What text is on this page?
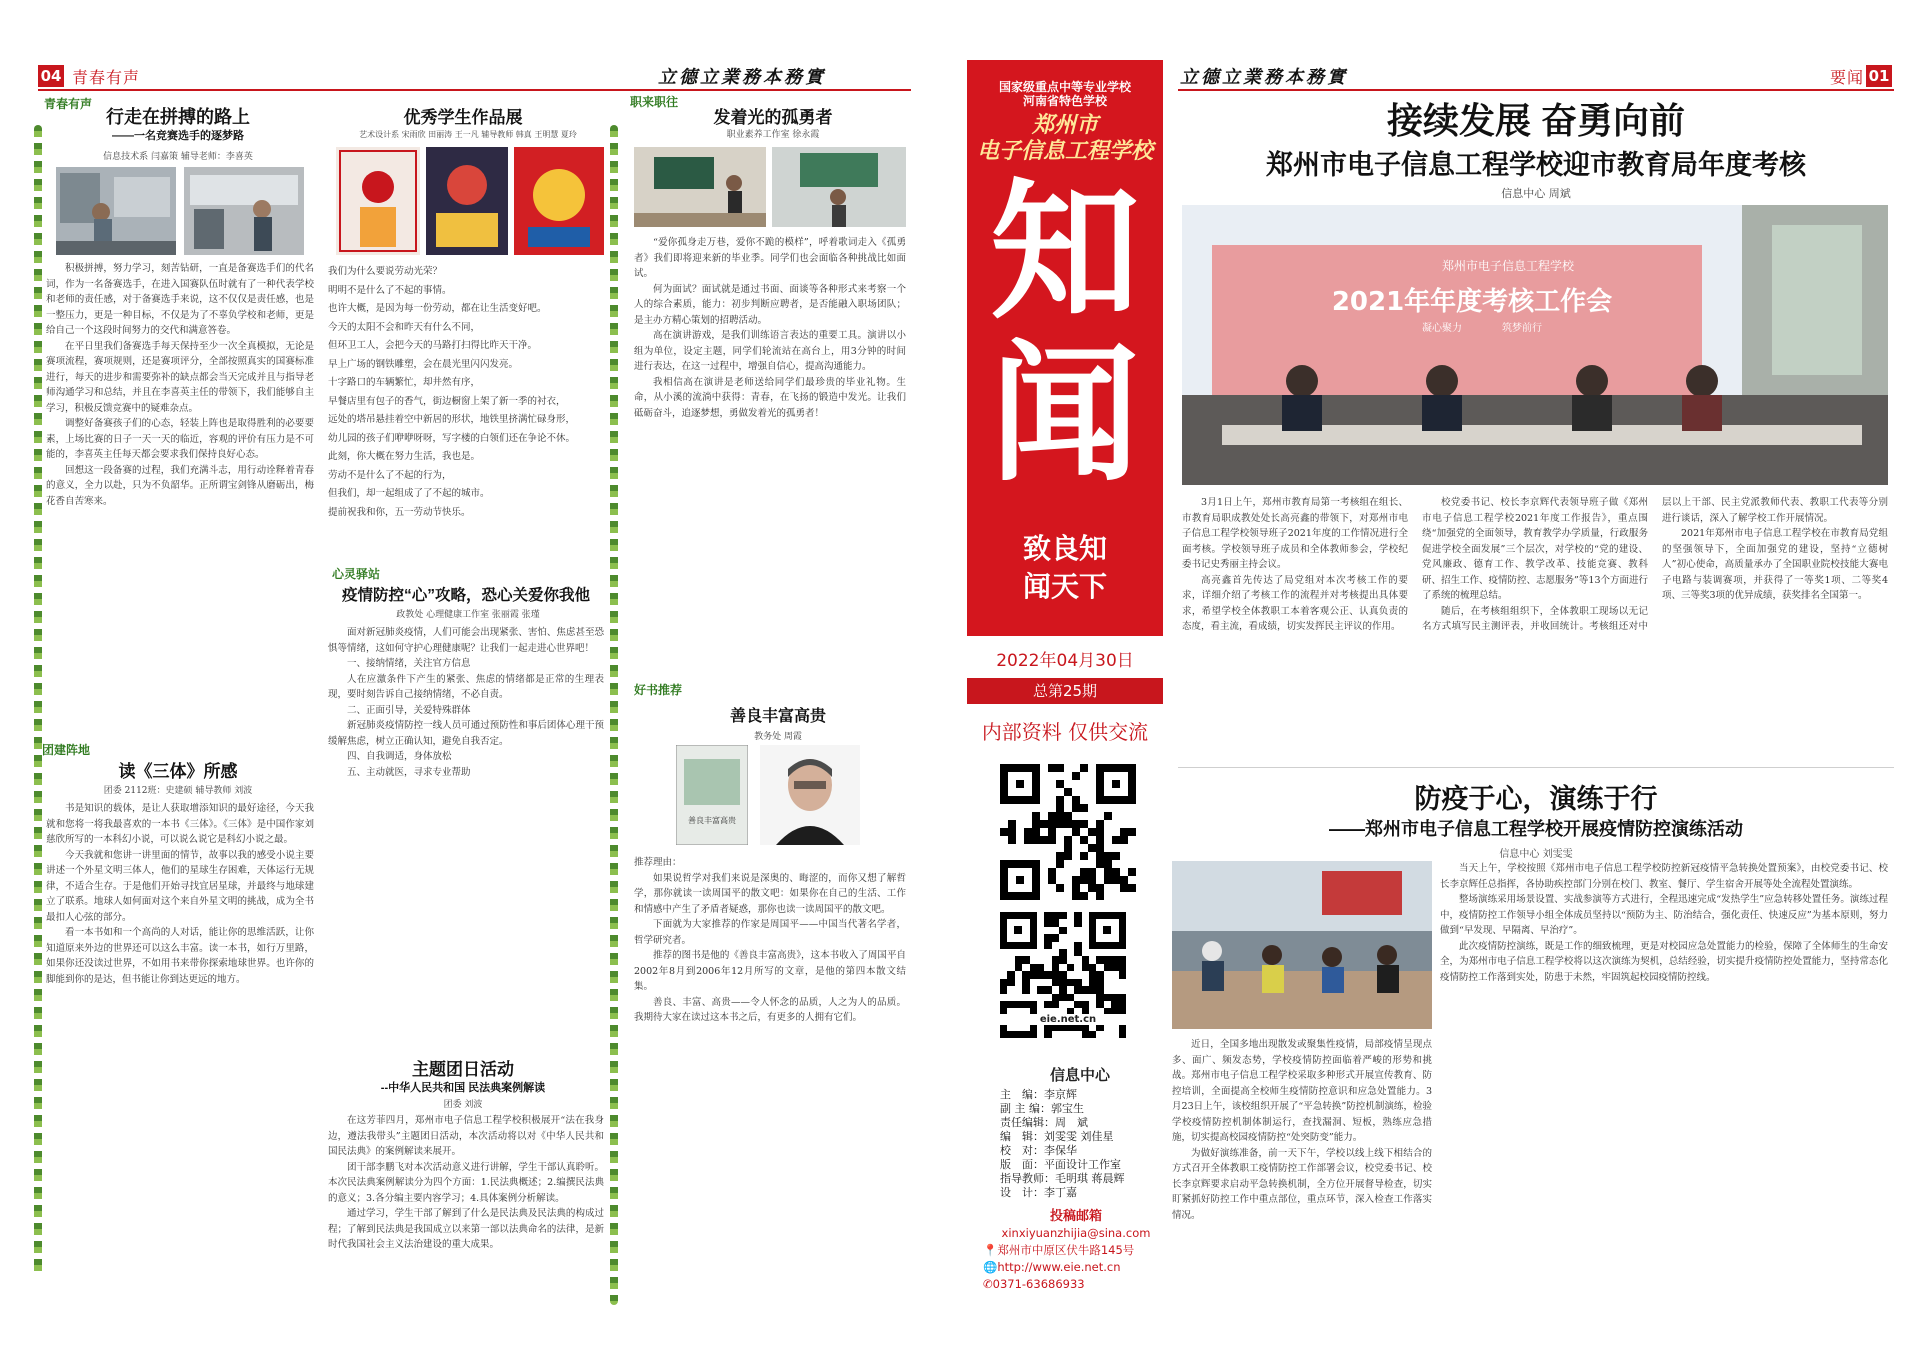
04 青春有声	立德立業務本務實
青春有声
行走在拼搏的路上
——一名竞赛选手的逐梦路
信息技术系 闫嘉策 辅导老师：李喜英

积极拼搏，努力学习，刻苦钻研，一直是备赛选手们的代名词，作为一名备赛选手，在进入国赛队伍时就有了一种代表学校和老师的责任感，对于备赛选手来说，这不仅仅是责任感，也是一整压力，更是一种目标，不仅是为了不辜负学校和老师，更是给自己一个这段时间努力的交代和满意答卷。

在平日里我们备赛选手每天保持至少一次全真模拟，无论是赛项流程，赛项规则，还是赛项评分，全部按照真实的国赛标准进行，每天的进步和需要弥补的缺点都会当天完成并且与指导老师沟通学习和总结，并且在李喜英主任的带领下，我们能够自主学习，积极反馈竞赛中的疑难杂点。

调整好备赛孩子们的心态，轻装上阵也是取得胜利的必要要素，上场比赛的日子一天一天的临近，容观的评价有压力是不可能的，李喜英主任每天都会要求我们保持良好心态。

回想这一段备赛的过程，我们充满斗志，用行动诠释着青春的意义，全力以赴，只为不负韶华。正所谓宝剑锋从磨砺出，梅花香自苦寒来。

团建阵地
读《三体》所感
团委 2112班：史建硕 辅导教师 刘波

书是知识的载体，是让人获取增添知识的最好途径，今天我就和您将一将我最喜欢的一本书《三体》。《三体》是中国作家刘慈欣所写的一本科幻小说，可以说么说它是科幻小说之最。

今天我就和您讲一讲里面的情节，故事以我的感受小说主要讲述一个外星文明三体人，他们的星球生存困难，天体运行无规律，不适合生存。于是他们开始寻找宜居星球，并最终与地球建立了联系。地球人如何面对这个来自外星文明的挑战，成为全书最扣人心弦的部分。

看一本书如和一个高尚的人对话，能让你的思维活跃，让你知道原来外边的世界还可以这么丰富。读一本书，如行万里路，如果你还没读过世界，不如用书来带你探索地球世界。也许你的脚能到你的是达，但书能让你到达更远的地方。

优秀学生作品展
艺术设计系 宋雨欣 田丽涛 王一凡 辅导教师 韩真 王明慧 夏玲
我们为什么要说劳动光荣？
明明不是什么了不起的事情。
也许大概，是因为每一份劳动，都在让生活变好吧。
今天的太阳不会和昨天有什么不同，
但环卫工人，会把今天的马路打扫得比昨天干净。
早上广场的钢铁雕塑，会在晨光里闪闪发亮。
十字路口的车辆繁忙，却井然有序，
早餐店里有包子的香气，街边橱窗上架了新一季的衬衣，
远处的塔吊悬挂着空中新居的形状，地铁里挤满忙碌身形，
幼儿园的孩子们咿咿呀呀，写字楼的白领们还在争论不休。
此刻，你大概在努力生活，我也是。
劳动不是什么了不起的行为，
但我们，却一起组成了了不起的城市。
提前祝我和你，五一劳动节快乐。
心灵驿站
疫情防控“心”攻略，恐心关爱你我他
政教处 心理健康工作室 张丽霞 张瑾

面对新冠肺炎疫情，人们可能会出现紧张、害怕、焦虑甚至恐惧等情绪，这如何守护心理健康呢？让我们一起走进心世界吧！

一、接纳情绪，关注官方信息

人在应激条件下产生的紧张、焦虑的情绪都是正常的生理表现，要时刻告诉自己接纳情绪，不必自责。

二、正面引导，关爱特殊群体

新冠肺炎疫情防控一线人员可通过预防性和事后团体心理干预缓解焦虑，树立正确认知，避免自我否定。

四、自我调适，身体放松

五、主动就医，寻求专业帮助

主题团日活动
--中华人民共和国 民法典案例解读
团委 刘波

在这芳菲四月，郑州市电子信息工程学校积极展开“法在我身边，遵法我带头”主题团日活动，本次活动将以对《中华人民共和国民法典》的案例解读来展开。

团干部李鹏飞对本次活动意义进行讲解，学生干部认真聆听。本次民法典案例解读分为四个方面：1.民法典概述；2.编撰民法典的意义；3.各分编主要内容学习；4.具体案例分析解读。

通过学习，学生干部了解到了什么是民法典及民法典的构成过程；了解到民法典是我国成立以来第一部以法典命名的法律，是新时代我国社会主义法治建设的重大成果。

职来职往
发着光的孤勇者
职业素养工作室 徐永霞

“爱你孤身走万巷，爱你不跪的模样”，呼着歌词走入《孤勇者》我们即将迎来新的毕业季。同学们也会面临各种挑战比如面试。

何为面试？面试就是通过书面、面谈等各种形式来考察一个人的综合素质，能力：初步判断应聘者，是否能融入职场团队；是主办方精心策划的招聘活动。

高在演讲游戏，是我们训练语言表达的重要工具。演讲以小组为单位，设定主题，同学们轮流站在高台上，用3分钟的时间进行表达，在这一过程中，增强自信心，提高沟通能力。

我相信高在演讲是老师送给同学们最珍贵的毕业礼物。生命，从小溪的流淌中获得：青春，在飞扬的锻造中发光。让我们砥砺奋斗，追逐梦想，勇做发着光的孤勇者！

好书推荐
善良丰富高贵
教务处 周霞
善良丰富高贵
推荐理由：

如果说哲学对我们来说是深奥的、晦涩的，而你又想了解哲学，那你就读一读周国平的散文吧：如果你在自己的生活、工作和情感中产生了矛盾者疑惑，那你也读一读周国平的散文吧。

下面就为大家推荐的作家是周国平——中国当代著名学者，哲学研究者。

推荐的图书是他的《善良丰富高贵》，这本书收入了周国平自2002年8月到2006年12月所写的文章，是他的第四本散文结集。

善良、丰富、高贵——令人怀念的品质，人之为人的品质。我期待大家在读过这本书之后，有更多的人拥有它们。

国家级重点中等专业学校
河南省特色学校
郑州市
电子信息工程学校
知
闻
致良知
闻天下
2022年04月30日
总第25期
内部资料 仅供交流
eie.net.cn
信息中心
主　编：李京辉
副 主 编：郭宝生
责任编辑：周　斌
编　辑：刘雯雯 刘佳星
校　对：李保华
版　面：平面设计工作室
指导教师：毛明琪 蒋晨辉
设　计：李丁嘉
投稿邮箱
xinxiyuanzhijia@sina.com
📍郑州市中原区伏牛路145号
🌐http://www.eie.net.cn
✆0371-63686933
立德立業務本務實	要闻 01
接续发展 奋勇向前
郑州市电子信息工程学校迎市教育局年度考核
信息中心 周斌
郑州市电子信息工程学校
2021年年度考核工作会
凝心聚力　　　　筑梦前行

3月1日上午，郑州市教育局第一考核组在组长、市教育局职成教处处长高亮鑫的带领下，对郑州市电子信息工程学校领导班子2021年度的工作情况进行全面考核。学校领导班子成员和全体教师参会，学校纪委书记史秀丽主持会议。

高亮鑫首先传达了局党组对本次考核工作的要求，详细介绍了考核工作的流程并对考核提出具体要求，希望学校全体教职工本着客观公正、认真负责的态度，看主流，看成绩，切实发挥民主评议的作用。

校党委书记、校长李京辉代表领导班子做《郑州市电子信息工程学校2021年度工作报告》，重点围绕“加强党的全面领导，教育教学办学质量，行政服务促进学校全面发展”三个层次，对学校的“党的建设、党风廉政、德育工作、教学改革、技能竞赛、教科研、招生工作、疫情防控、志愿服务”等13个方面进行了系统的梳理总结。

随后，在考核组组织下，全体教职工现场以无记名方式填写民主测评表，并收回统计。考核组还对中层以上干部、民主党派教师代表、教职工代表等分别进行谈话，深入了解学校工作开展情况。

2021年郑州市电子信息工程学校在市教育局党组的坚强领导下，全面加强党的建设，坚持“立德树人”初心使命，高质量承办了全国职业院校技能大赛电子电路与装调赛项，并获得了一等奖1项、二等奖4项、三等奖3项的优异成绩，获奖排名全国第一。

防疫于心，演练于行
——郑州市电子信息工程学校开展疫情防控演练活动
信息中心 刘雯雯

当天上午，学校按照《郑州市电子信息工程学校防控新冠疫情平急转换处置预案》，由校党委书记、校长李京辉任总指挥，各协助疾控部门分别在校门、教室、餐厅、学生宿舍开展等处全流程处置演练。

整场演练采用场景设置、实战参演等方式进行，全程迅速完成“发热学生”应急转移处置任务。演练过程中，疫情防控工作领导小组全体成员坚持以“预防为主、防治结合，强化责任、快速反应”为基本原则，努力做到“早发现、早隔离、早治疗”。

此次疫情防控演练，既是工作的细致梳理，更是对校园应急处置能力的检验，保障了全体师生的生命安全，为郑州市电子信息工程学校将以这次演练为契机，总结经验，切实提升疫情防控处置能力，坚持常态化疫情防控工作落到实处，防患于未然，牢固筑起校园疫情防控线。

近日，全国多地出现散发或聚集性疫情，局部疫情呈现点多、面广、频发态势，学校疫情防控面临着严峻的形势和挑战。郑州市电子信息工程学校采取多种形式开展宣传教育、防控培训，全面提高全校师生疫情防控意识和应急处置能力。3月23日上午，该校组织开展了“平急转换”防控机制演练，检验学校疫情防控机制体制运行，查找漏洞、短板，熟练应急措施，切实提高校园疫情防控“处突防变”能力。

为做好演练准备，前一天下午，学校以线上线下相结合的方式召开全体教职工疫情防控工作部署会议，校党委书记、校长李京辉要求启动平急转换机制，全方位开展督导检查，切实盯紧抓好防控工作中重点部位，重点环节，深入检查工作落实情况。
